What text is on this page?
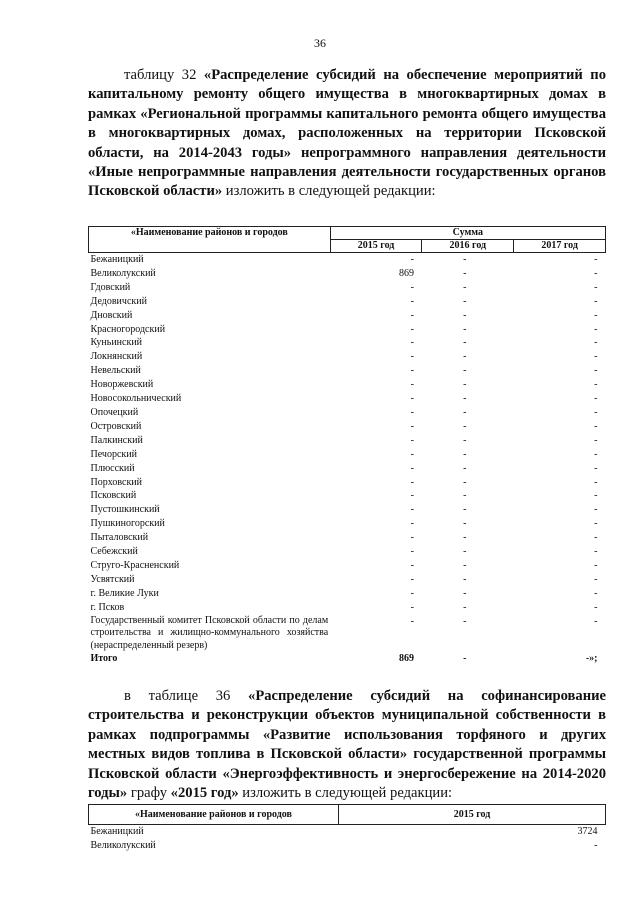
36
таблицу 32 «Распределение субсидий на обеспечение мероприятий по капитальному ремонту общего имущества в многоквартирных домах в рамках «Региональной программы капитального ремонта общего имущества в многоквартирных домах, расположенных на территории Псковской области, на 2014-2043 годы» непрограммного направления деятельности «Иные непрограммные направления деятельности государственных органов Псковской области» изложить в следующей редакции:
«Наименование районов и городов	Сумма		
	2015 год	2016 год	2017 год
Бежаницкий	-	-	-
Великолукский	869	-	-
Гдовский	-	-	-
Дедовичский	-	-	-
Дновский	-	-	-
Красногородский	-	-	-
Куньинский	-	-	-
Локнянский	-	-	-
Невельский	-	-	-
Новоржевский	-	-	-
Новосокольнический	-	-	-
Опочецкий	-	-	-
Островский	-	-	-
Палкинский	-	-	-
Печорский	-	-	-
Плюсский	-	-	-
Порховский	-	-	-
Псковский	-	-	-
Пустошкинский	-	-	-
Пушкиногорский	-	-	-
Пыталовский	-	-	-
Себежский	-	-	-
Струго-Красненский	-	-	-
Усвятский	-	-	-
г. Великие Луки	-	-	-
г. Псков	-	-	-
Государственный комитет Псковской области по делам строительства и жилищно-коммунального хозяйства (нераспределенный резерв)	-	-	-
Итого	869	-	-»;
в таблице 36 «Распределение субсидий на софинансирование строительства и реконструкции объектов муниципальной собственности в рамках подпрограммы «Развитие использования торфяного и других местных видов топлива в Псковской области» государственной программы Псковской области «Энергоэффективность и энергосбережение на 2014-2020 годы» графу «2015 год» изложить в следующей редакции:
«Наименование районов и городов	2015 год
Бежаницкий	3724
Великолукский	-
